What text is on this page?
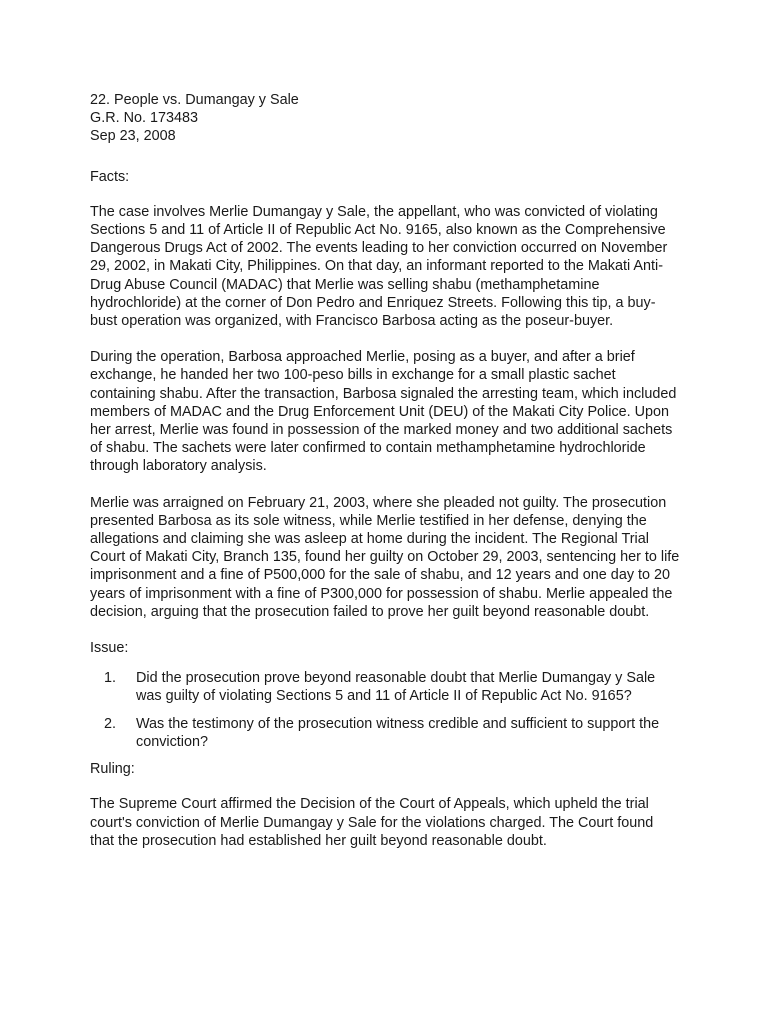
22. People vs. Dumangay y Sale
G.R. No. 173483
Sep 23, 2008

Facts:

The case involves Merlie Dumangay y Sale, the appellant, who was convicted of violating Sections 5 and 11 of Article II of Republic Act No. 9165, also known as the Comprehensive Dangerous Drugs Act of 2002. The events leading to her conviction occurred on November 29, 2002, in Makati City, Philippines. On that day, an informant reported to the Makati Anti-Drug Abuse Council (MADAC) that Merlie was selling shabu (methamphetamine hydrochloride) at the corner of Don Pedro and Enriquez Streets. Following this tip, a buy-bust operation was organized, with Francisco Barbosa acting as the poseur-buyer.

During the operation, Barbosa approached Merlie, posing as a buyer, and after a brief exchange, he handed her two 100-peso bills in exchange for a small plastic sachet containing shabu. After the transaction, Barbosa signaled the arresting team, which included members of MADAC and the Drug Enforcement Unit (DEU) of the Makati City Police. Upon her arrest, Merlie was found in possession of the marked money and two additional sachets of shabu. The sachets were later confirmed to contain methamphetamine hydrochloride through laboratory analysis.

Merlie was arraigned on February 21, 2003, where she pleaded not guilty. The prosecution presented Barbosa as its sole witness, while Merlie testified in her defense, denying the allegations and claiming she was asleep at home during the incident. The Regional Trial Court of Makati City, Branch 135, found her guilty on October 29, 2003, sentencing her to life imprisonment and a fine of P500,000 for the sale of shabu, and 12 years and one day to 20 years of imprisonment with a fine of P300,000 for possession of shabu. Merlie appealed the decision, arguing that the prosecution failed to prove her guilt beyond reasonable doubt.

Issue:

1. Did the prosecution prove beyond reasonable doubt that Merlie Dumangay y Sale was guilty of violating Sections 5 and 11 of Article II of Republic Act No. 9165?
2. Was the testimony of the prosecution witness credible and sufficient to support the conviction?

Ruling:

The Supreme Court affirmed the Decision of the Court of Appeals, which upheld the trial court's conviction of Merlie Dumangay y Sale for the violations charged. The Court found that the prosecution had established her guilt beyond reasonable doubt.
